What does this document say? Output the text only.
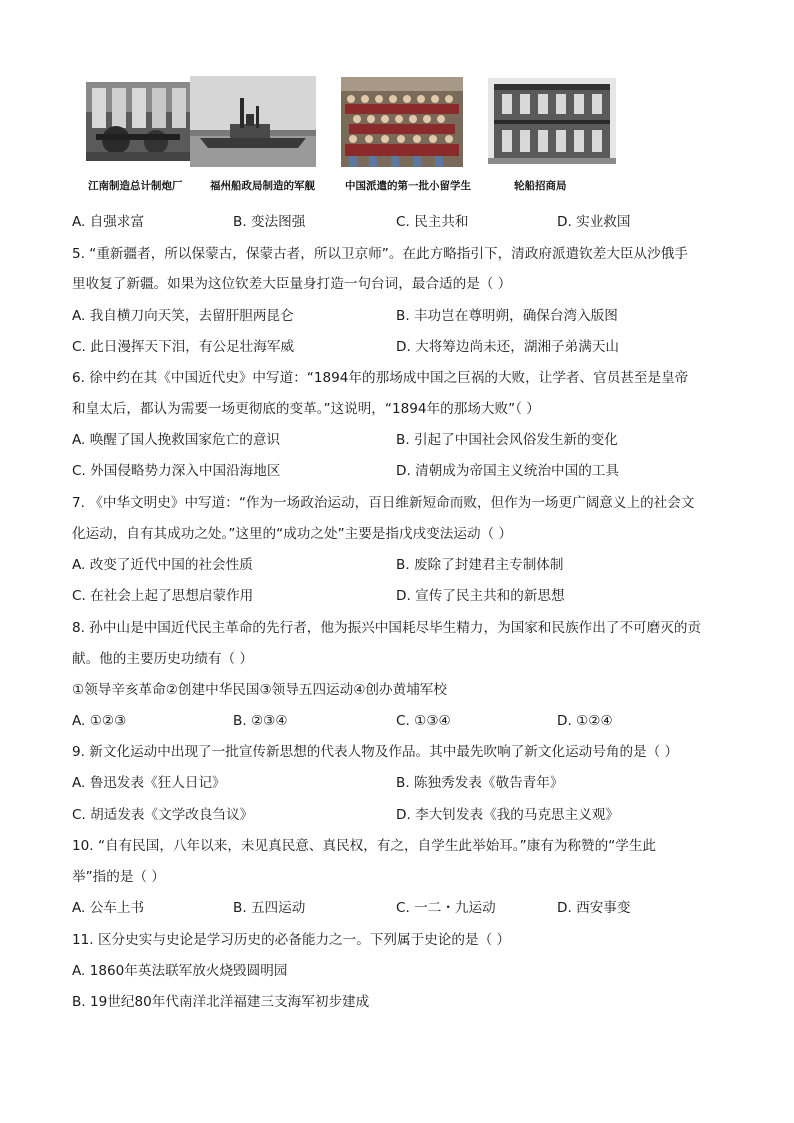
江南制造总计制炮厂	福州船政局制造的军舰	中国派遣的第一批小留学生	轮船招商局
A. 自强求富	B. 变法图强	C. 民主共和	D. 实业救国
5. “重新疆者，所以保蒙古，保蒙古者，所以卫京师”。在此方略指引下，清政府派遣钦差大臣从沙俄手
里收复了新疆。如果为这位钦差大臣量身打造一句台词，最合适的是（ ）
A. 我自横刀向天笑，去留肝胆两昆仑	B. 丰功岂在尊明朔，确保台湾入版图
C. 此日漫挥天下泪，有公足壮海军威	D. 大将筹边尚未还，湖湘子弟满天山
6. 徐中约在其《中国近代史》中写道：“1894年的那场成中国之巨祸的大败，让学者、官员甚至是皇帝
和皇太后，都认为需要一场更彻底的变革。”这说明，“1894年的那场大败”（ ）
A. 唤醒了国人挽救国家危亡的意识	B. 引起了中国社会风俗发生新的变化
C. 外国侵略势力深入中国沿海地区	D. 清朝成为帝国主义统治中国的工具
7. 《中华文明史》中写道：“作为一场政治运动，百日维新短命而败，但作为一场更广阔意义上的社会文
化运动，自有其成功之处。”这里的“成功之处”主要是指戊戌变法运动（ ）
A. 改变了近代中国的社会性质	B. 废除了封建君主专制体制
C. 在社会上起了思想启蒙作用	D. 宣传了民主共和的新思想
8. 孙中山是中国近代民主革命的先行者，他为振兴中国耗尽毕生精力，为国家和民族作出了不可磨灭的贡
献。他的主要历史功绩有（ ）
①领导辛亥革命②创建中华民国③领导五四运动④创办黄埔军校
A. ①②③	B. ②③④	C. ①③④	D. ①②④
9. 新文化运动中出现了一批宣传新思想的代表人物及作品。其中最先吹响了新文化运动号角的是（ ）
A. 鲁迅发表《狂人日记》	B. 陈独秀发表《敬告青年》
C. 胡适发表《文学改良刍议》	D. 李大钊发表《我的马克思主义观》
10. “自有民国，八年以来，未见真民意、真民权，有之，自学生此举始耳。”康有为称赞的“学生此
举”指的是（ ）
A. 公车上书	B. 五四运动	C. 一二・九运动	D. 西安事变
11. 区分史实与史论是学习历史的必备能力之一。下列属于史论的是（ ）
A. 1860年英法联军放火烧毁圆明园
B. 19世纪80年代南洋北洋福建三支海军初步建成
